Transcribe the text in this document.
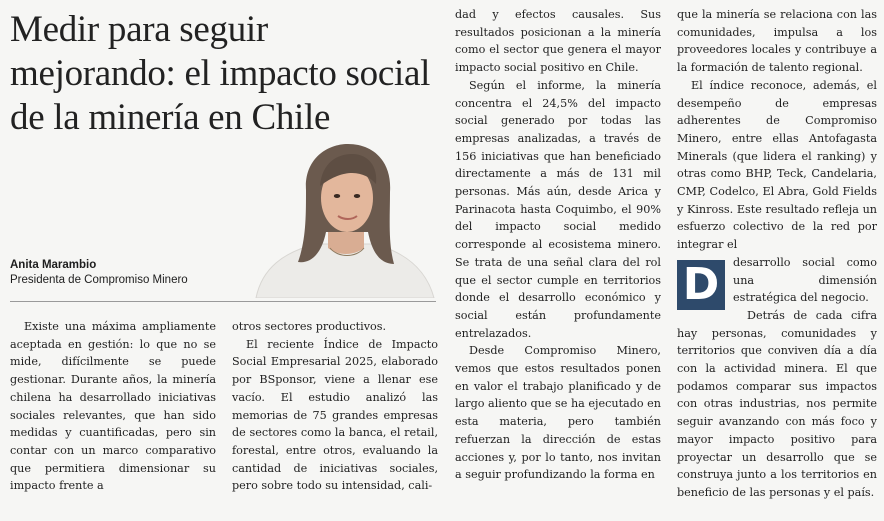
Medir para seguir mejorando: el impacto social de la minería en Chile
Anita Marambio
Presidenta de Compromiso Minero

Existe una máxima ampliamente aceptada en gestión: lo que no se mide, difícilmente se puede gestionar. Durante años, la minería chilena ha desarrollado iniciativas sociales relevantes, que han sido medidas y cuantificadas, pero sin contar con un marco comparativo que permitiera dimensionar su impacto frente a

otros sectores productivos.

El reciente Índice de Impacto Social Empresarial 2025, elaborado por BSponsor, viene a llenar ese vacío. El estudio analizó las memorias de 75 grandes empresas de sectores como la banca, el retail, forestal, entre otros, evaluando la cantidad de iniciativas sociales, pero sobre todo su intensidad, cali-

dad y efectos causales. Sus resultados posicionan a la minería como el sector que genera el mayor impacto social positivo en Chile.

Según el informe, la minería concentra el 24,5% del impacto social generado por todas las empresas analizadas, a través de 156 iniciativas que han beneficiado directamente a más de 131 mil personas. Más aún, desde Arica y Parinacota hasta Coquimbo, el 90% del impacto social medido corresponde al ecosistema minero. Se trata de una señal clara del rol que el sector cumple en territorios donde el desarrollo económico y social están profundamente entrelazados.

Desde Compromiso Minero, vemos que estos resultados ponen en valor el trabajo planificado y de largo aliento que se ha ejecutado en esta materia, pero también refuerzan la dirección de estas acciones y, por lo tanto, nos invitan a seguir profundizando la forma en

que la minería se relaciona con las comunidades, impulsa a los proveedores locales y contribuye a la formación de talento regional.

El índice reconoce, además, el desempeño de empresas adherentes de Compromiso Minero, entre ellas Antofagasta Minerals (que lidera el ranking) y otras como BHP, Teck, Candelaria, CMP, Codelco, El Abra, Gold Fields y Kinross. Este resultado refleja un esfuerzo colectivo de la red por integrar el

D	desarrollo social como una dimensión estratégica del negocio.

Detrás de cada cifra hay personas, comunidades y territorios que conviven día a día con la actividad minera. El que podamos comparar sus impactos con otras industrias, nos permite seguir avanzando con más foco y mayor impacto positivo para proyectar un desarrollo que se construya junto a los territorios en beneficio de las personas y el país.
